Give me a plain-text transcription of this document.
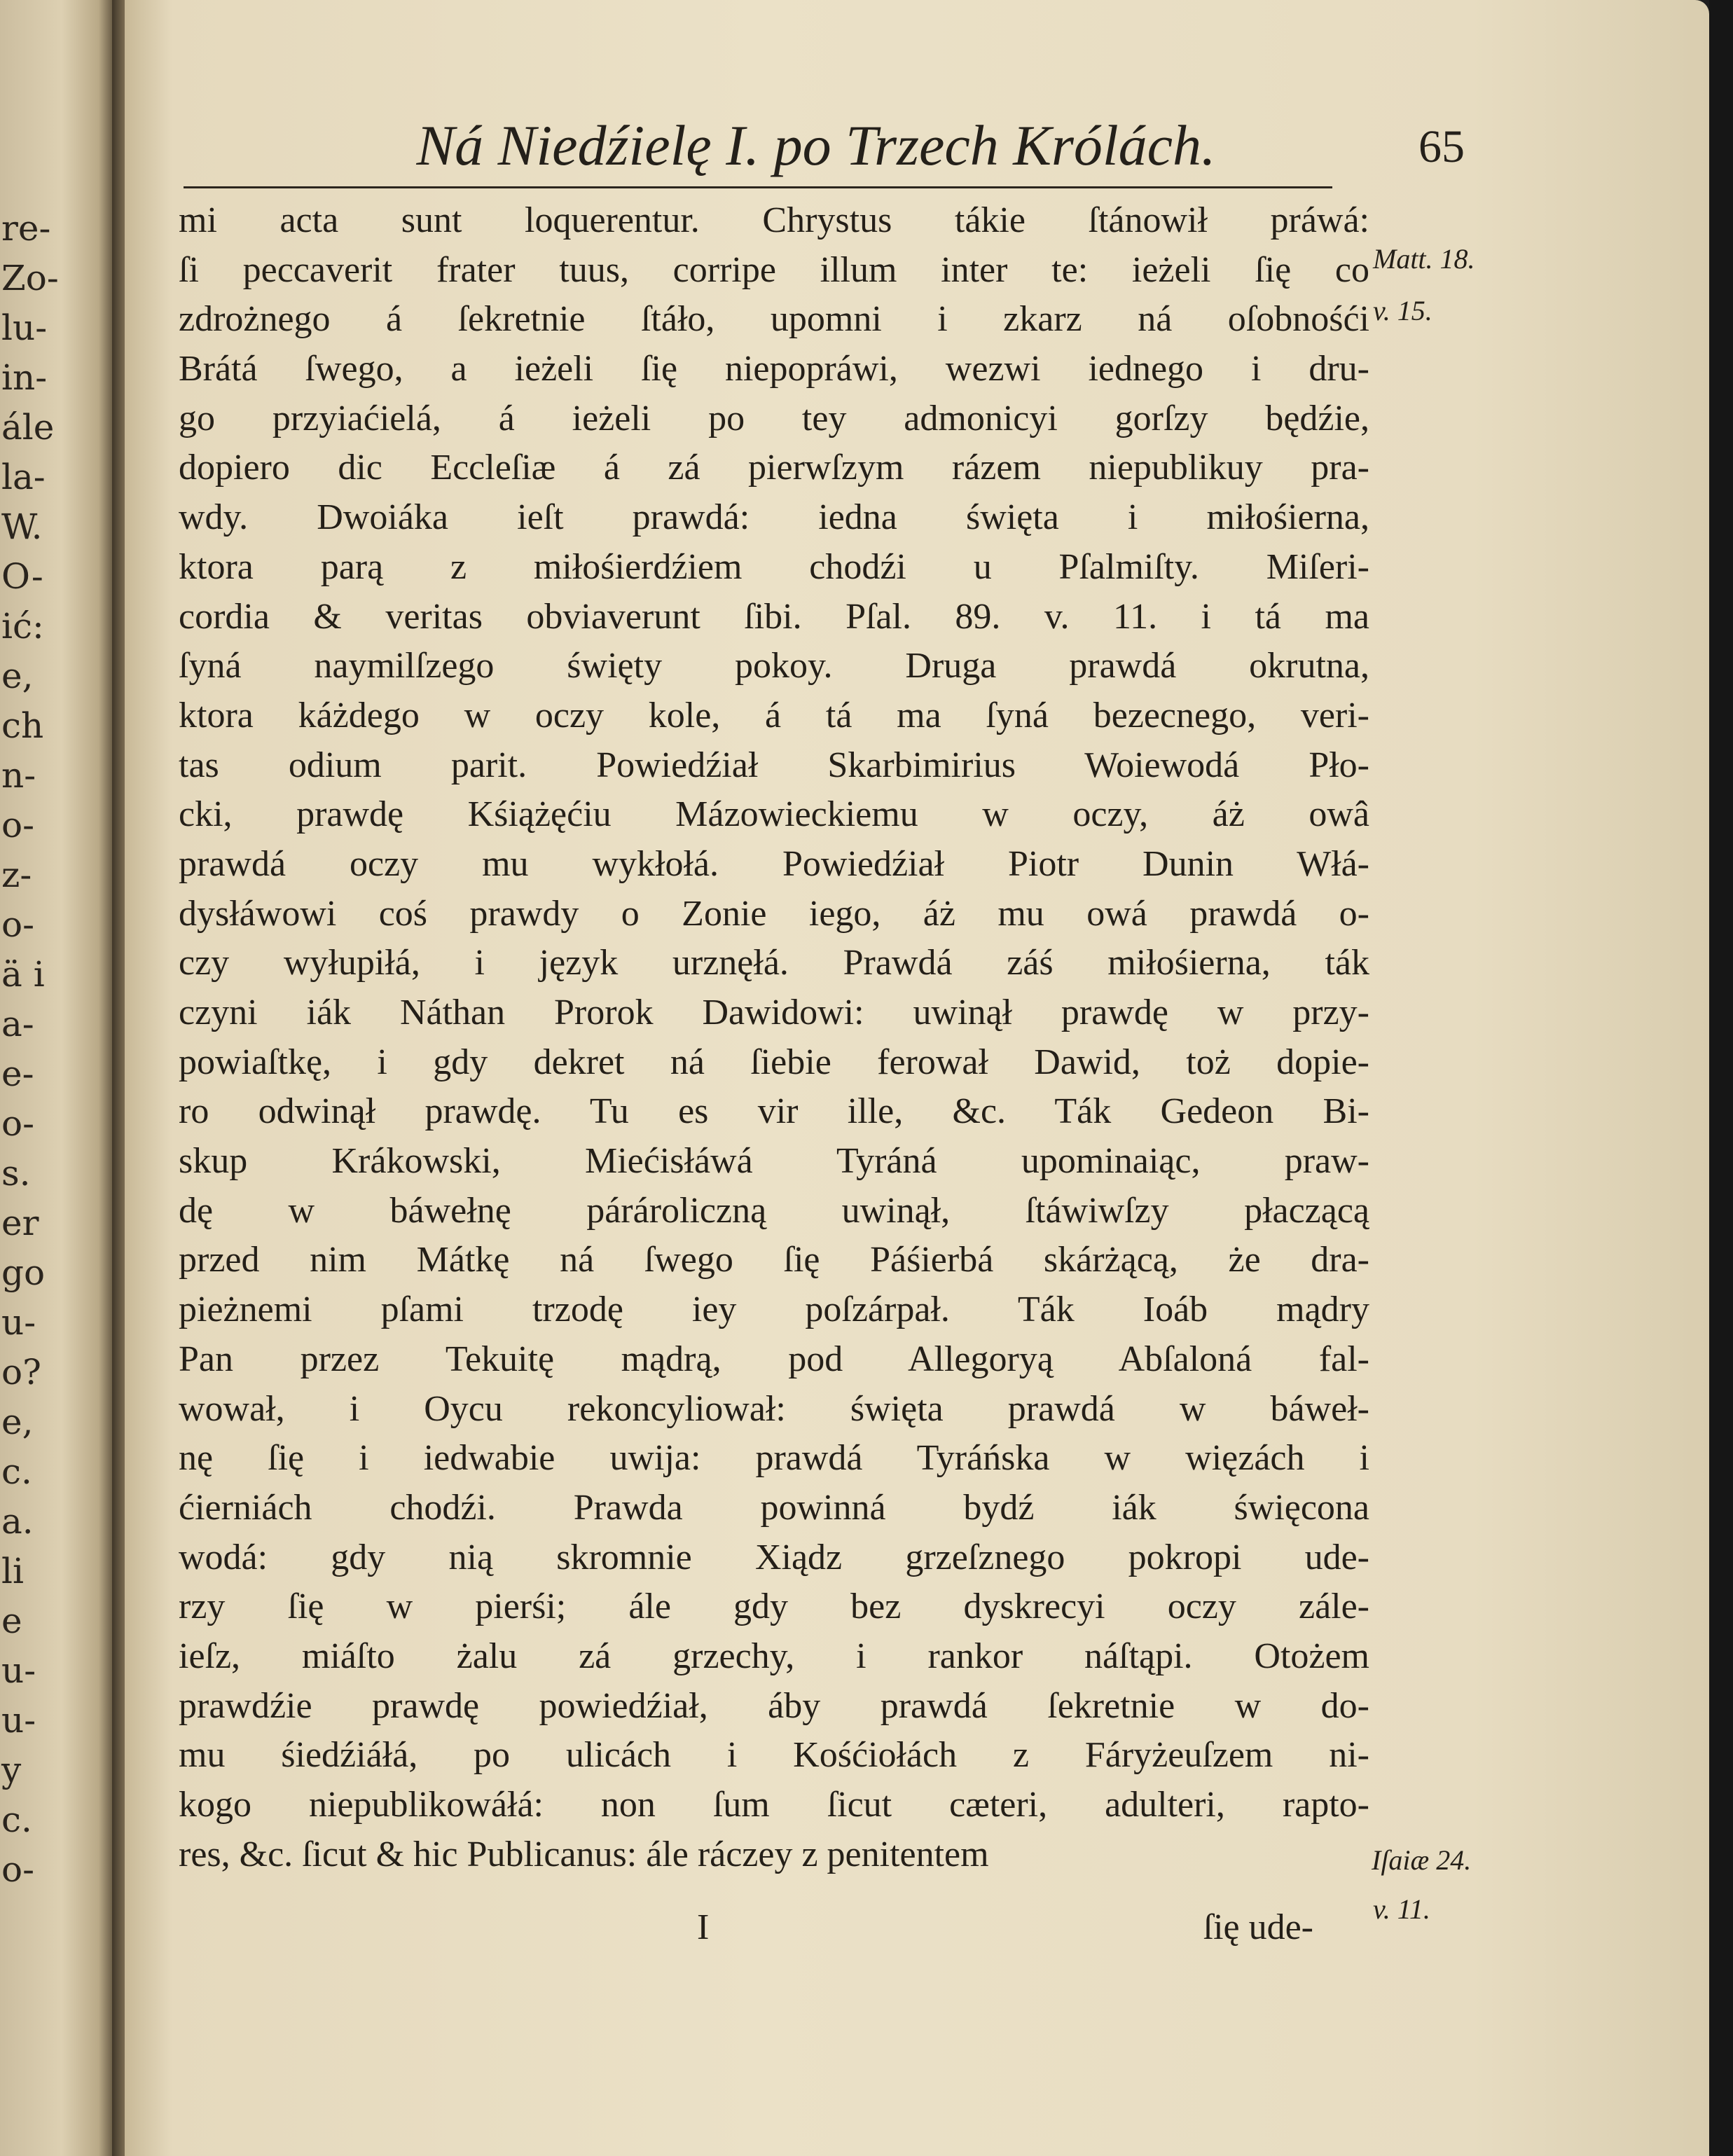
re-
Zo-
lu-
in-
ále
la-
W.
O-
ić:
e,
ch
n-
o-
z-
o-
ä i
a-
e-
o-
s.
er
go
u-
o?
e,
c.
a.
li
e
u-
u-
y
c.
o-
Ná Niedźielę I. po Trzech Królách.	65
mi acta sunt loquerentur. Chrystus tákie ſtánowił práwá:
ſi peccaverit frater tuus, corripe illum inter te: ieżeli ſię co
zdrożnego á ſekretnie ſtáło, upomni i zkarz ná oſobnośći
Brátá ſwego, a ieżeli ſię niepopráwi, wezwi iednego i dru-
go przyiaćielá, á ieżeli po tey admonicyi gorſzy będźie,
dopiero dic Eccleſiæ á zá pierwſzym rázem niepublikuy pra-
wdy. Dwoiáka ieſt prawdá: iedna święta i miłośierna,
ktora parą z miłośierdźiem chodźi u Pſalmiſty. Miſeri-
cordia & veritas obviaverunt ſibi. Pſal. 89. v. 11. i tá ma
ſyná naymilſzego święty pokoy. Druga prawdá okrutna,
ktora káżdego w oczy kole, á tá ma ſyná bezecnego, veri-
tas odium parit. Powiedźiał Skarbimirius Woiewodá Pło-
cki, prawdę Kśiążęćiu Mázowieckiemu w oczy, áż owâ
prawdá oczy mu wykłołá. Powiedźiał Piotr Dunin Włá-
dysłáwowi coś prawdy o Zonie iego, áż mu owá prawdá o-
czy wyłupiłá, i język urznęłá. Prawdá záś miłośierna, ták
czyni iák Náthan Prorok Dawidowi: uwinął prawdę w przy-
powiaſtkę, i gdy dekret ná ſiebie ferował Dawid, toż dopie-
ro odwinął prawdę. Tu es vir ille, &c. Ták Gedeon Bi-
skup Krákowski, Miećisłáwá Tyráná upominaiąc, praw-
dę w báwełnę párároliczną uwinął, ſtáwiwſzy płaczącą
przed nim Mátkę ná ſwego ſię Páśierbá skárżącą, że dra-
pieżnemi pſami trzodę iey poſzárpał. Ták Ioáb mądry
Pan przez Tekuitę mądrą, pod Allegoryą Abſaloná fal-
wował, i Oycu rekoncyliował: święta prawdá w báweł-
nę ſię i iedwabie uwija: prawdá Tyráńska w więzách i
ćierniách chodźi. Prawda powinná bydź iák święcona
wodá: gdy nią skromnie Xiądz grzeſznego pokropi ude-
rzy ſię w pierśi; ále gdy bez dyskrecyi oczy zále-
ieſz, miáſto żalu zá grzechy, i rankor náſtąpi. Otożem
prawdźie prawdę powiedźiał, áby prawdá ſekretnie w do-
mu śiedźiáłá, po ulicách i Kośćiołách z Fáryżeuſzem ni-
kogo niepublikowáłá: non ſum ſicut cæteri, adulteri, rapto-
res, &c. ſicut & hic Publicanus: ále ráczey z penitentem
I	ſię ude-
Matt. 18.
v. 15.
Iſaiæ 24.
v. 11.
